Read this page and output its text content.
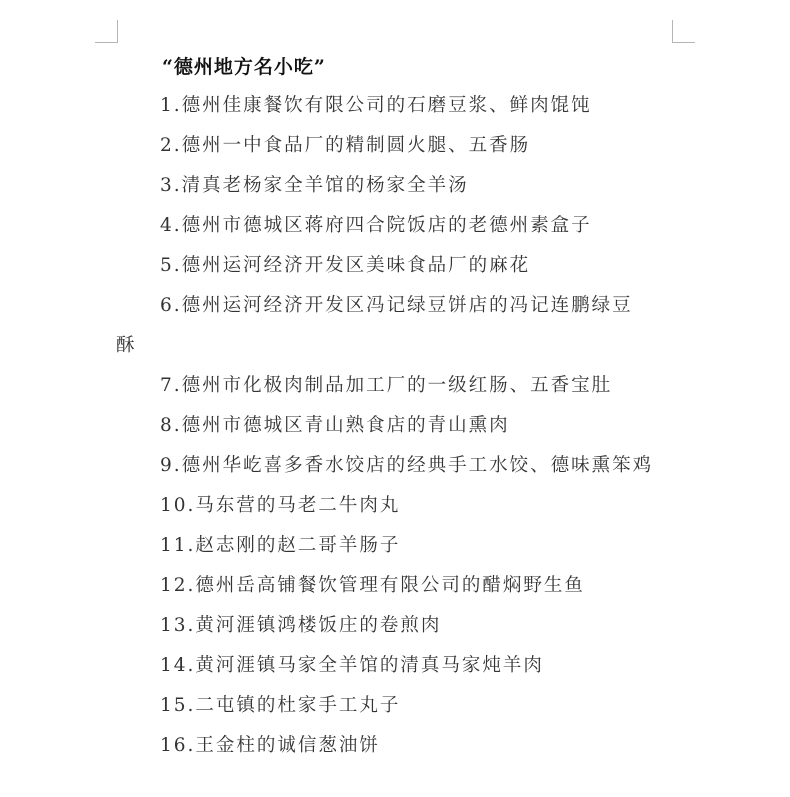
“德州地方名小吃”
1.德州佳康餐饮有限公司的石磨豆浆、鲜肉馄饨
2.德州一中食品厂的精制圆火腿、五香肠
3.清真老杨家全羊馆的杨家全羊汤
4.德州市德城区蒋府四合院饭店的老德州素盒子
5.德州运河经济开发区美味食品厂的麻花
6.德州运河经济开发区冯记绿豆饼店的冯记连鹏绿豆
酥
7.德州市化极肉制品加工厂的一级红肠、五香宝肚
8.德州市德城区青山熟食店的青山熏肉
9.德州华屹喜多香水饺店的经典手工水饺、德味熏笨鸡
10.马东营的马老二牛肉丸
11.赵志刚的赵二哥羊肠子
12.德州岳高铺餐饮管理有限公司的醋焖野生鱼
13.黄河涯镇鸿楼饭庄的卷煎肉
14.黄河涯镇马家全羊馆的清真马家炖羊肉
15.二屯镇的杜家手工丸子
16.王金柱的诚信葱油饼
